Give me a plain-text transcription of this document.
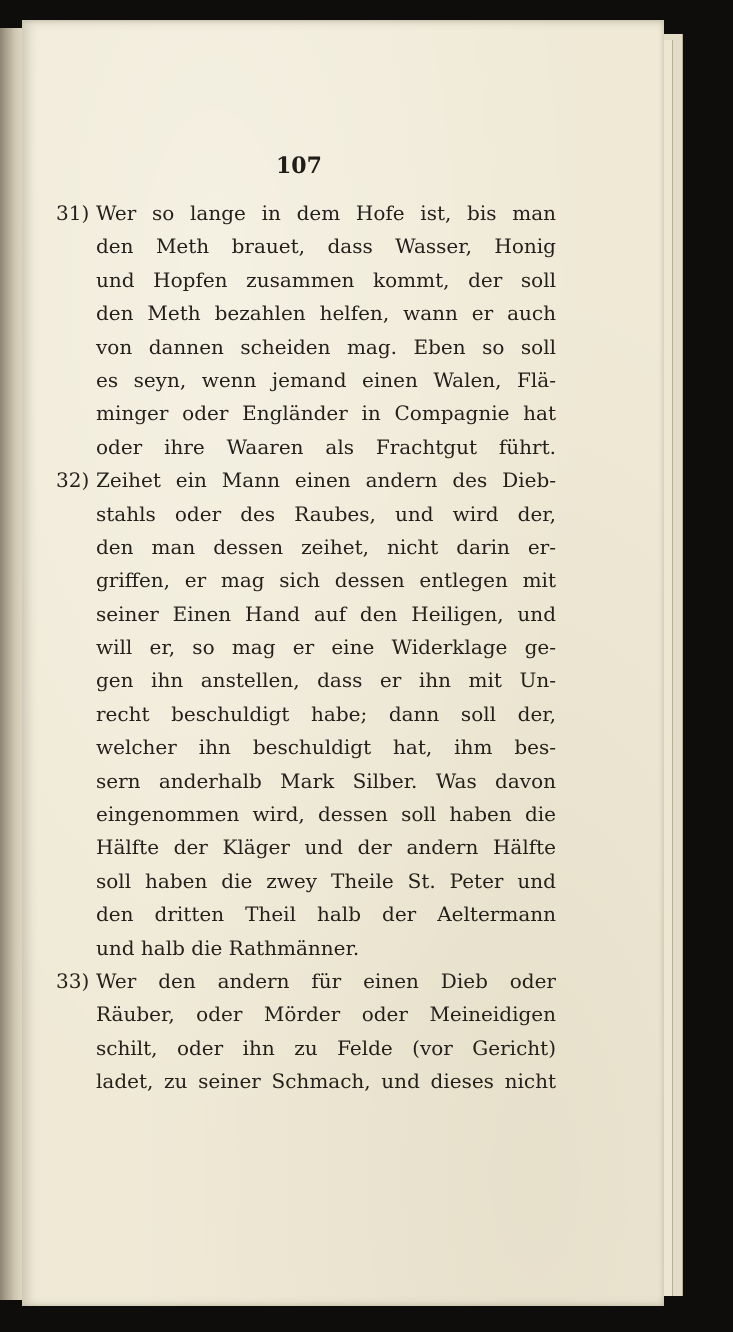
107
31) Wer so lange in dem Hofe ist, bis man
den Meth brauet, dass Wasser, Honig
und Hopfen zusammen kommt, der soll
den Meth bezahlen helfen, wann er auch
von dannen scheiden mag. Eben so soll
es seyn, wenn jemand einen Walen, Flä-
minger oder Engländer in Compagnie hat
oder ihre Waaren als Frachtgut führt.
32) Zeihet ein Mann einen andern des Dieb-
stahls oder des Raubes, und wird der,
den man dessen zeihet, nicht darin er-
griffen, er mag sich dessen entlegen mit
seiner Einen Hand auf den Heiligen, und
will er, so mag er eine Widerklage ge-
gen ihn anstellen, dass er ihn mit Un-
recht beschuldigt habe; dann soll der,
welcher ihn beschuldigt hat, ihm bes-
sern anderhalb Mark Silber. Was davon
eingenommen wird, dessen soll haben die
Hälfte der Kläger und der andern Hälfte
soll haben die zwey Theile St. Peter und
den dritten Theil halb der Aeltermann
und halb die Rathmänner.
33) Wer den andern für einen Dieb oder
Räuber, oder Mörder oder Meineidigen
schilt, oder ihn zu Felde (vor Gericht)
ladet, zu seiner Schmach, und dieses nicht
